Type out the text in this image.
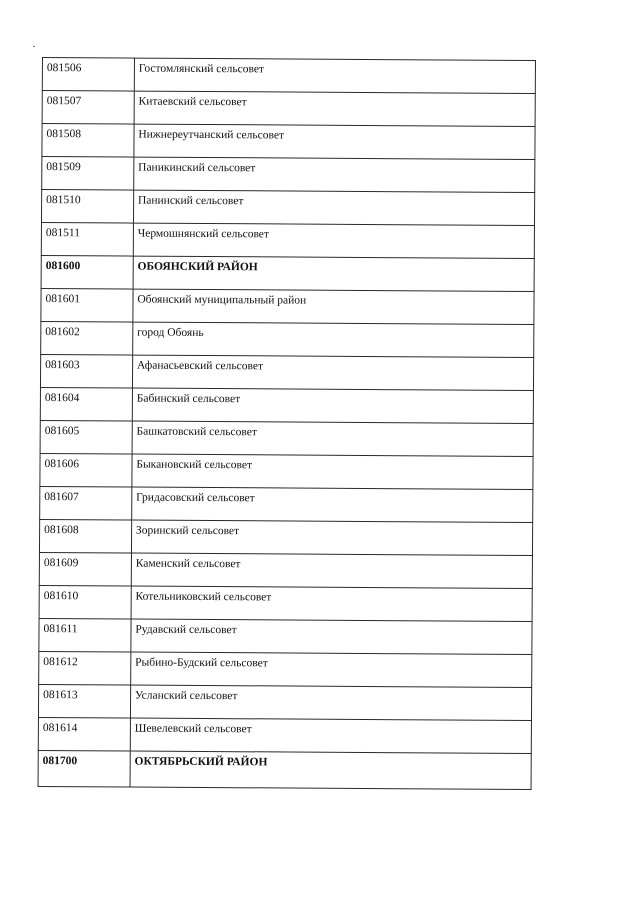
081506	Гостомлянский сельсовет
081507	Китаевский сельсовет
081508	Нижнереутчанский сельсовет
081509	Паникинский сельсовет
081510	Панинский сельсовет
081511	Чермошнянский сельсовет
081600	ОБОЯНСКИЙ РАЙОН
081601	Обоянский муниципальный район
081602	город Обоянь
081603	Афанасьевский сельсовет
081604	Бабинский сельсовет
081605	Башкатовский сельсовет
081606	Быкановский сельсовет
081607	Гридасовский сельсовет
081608	Зоринский сельсовет
081609	Каменский сельсовет
081610	Котельниковский сельсовет
081611	Рудавский сельсовет
081612	Рыбино-Будский сельсовет
081613	Усланский сельсовет
081614	Шевелевский сельсовет
081700	ОКТЯБРЬСКИЙ РАЙОН
